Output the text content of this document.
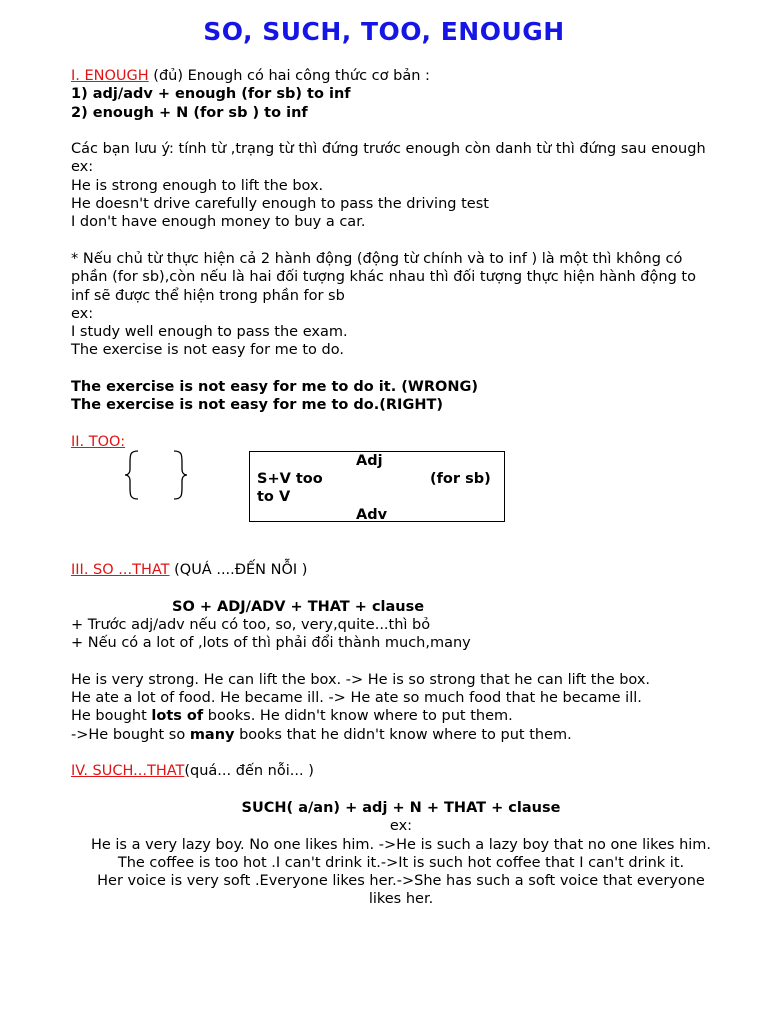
SO, SUCH, TOO, ENOUGH
I. ENOUGH (đủ) Enough có hai công thức cơ bản :
1) adj/adv + enough (for sb) to inf
2) enough + N (for sb ) to inf
Các bạn lưu ý: tính từ ,trạng từ thì đứng trước enough còn danh từ thì đứng sau enough
ex:
He is strong enough to lift the box.
He doesn't drive carefully enough to pass the driving test
I don't have enough money to buy a car.
* Nếu chủ từ thực hiện cả 2 hành động (động từ chính và to inf ) là một thì không có
phần (for sb),còn nếu là hai đối tượng khác nhau thì đối tượng thực hiện hành động to
inf sẽ được thể hiện trong phần for sb
ex:
I study well enough to pass the exam.
The exercise is not easy for me to do.
The exercise is not easy for me to do it. (WRONG)
The exercise is not easy for me to do.(RIGHT)
II. TOO:
Adj
S+V too	(for sb)
to V
Adv
III. SO ...THAT (QUÁ ....ĐẾN NỖI )
SO + ADJ/ADV + THAT + clause
+ Trước adj/adv nếu có too, so, very,quite...thì bỏ
+ Nếu có a lot of ,lots of thì phải đổi thành much,many
He is very strong. He can lift the box. -> He is so strong that he can lift the box.
He ate a lot of food. He became ill. -> He ate so much food that he became ill.
He bought lots of books. He didn't know where to put them.
->He bought so many books that he didn't know where to put them.
IV. SUCH...THAT(quá... đến nỗi... )
SUCH( a/an) + adj + N + THAT + clause
ex:
He is a very lazy boy. No one likes him. ->He is such a lazy boy that no one likes him.
The coffee is too hot .I can't drink it.->It is such hot coffee that I can't drink it.
Her voice is very soft .Everyone likes her.->She has such a soft voice that everyone
likes her.
